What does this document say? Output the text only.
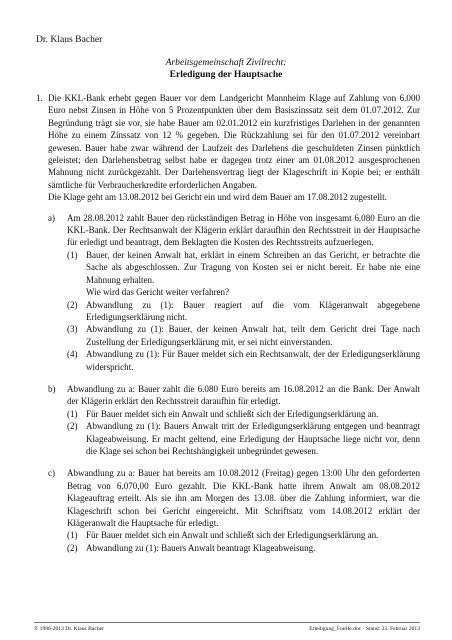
Dr. Klaus Bacher
Arbeitsgemeinschaft Zivilrecht:
Erledigung der Hauptsache
1. Die KKL-Bank erhebt gegen Bauer vor dem Landgericht Mannheim Klage auf Zahlung von 6.000 Euro nebst Zinsen in Höhe von 5 Prozentpunkten über dem Basiszinssatz seit dem 01.07.2012. Zur Begründung trägt sie vor, sie habe Bauer am 02.01.2012 ein kurzfristiges Darlehen in der genannten Höhe zu einem Zinssatz von 12 % gegeben. Die Rückzahlung sei für den 01.07.2012 vereinbart gewesen. Bauer habe zwar während der Laufzeit des Darlehens die geschuldeten Zinsen pünktlich geleistet; den Darlehensbetrag selbst habe er dagegen trotz einer am 01.08.2012 ausgesprochenen Mahnung nicht zurückgezahlt. Der Darlehensvertrag liegt der Klageschrift in Kopie bei; er enthält sämtliche für Verbraucherkredite erforderlichen Angaben.

Die Klage geht am 13.08.2012 bei Gericht ein und wird dem Bauer am 17.08.2012 zugestellt.

a)	Am 28.08.2012 zahlt Bauer den rückständigen Betrag in Höhe von insgesamt 6.080 Euro an die KKL-Bank. Der Rechtsanwalt der Klägerin erklärt daraufhin den Rechtsstreit in der Hauptsache für erledigt und beantragt, dem Beklagten die Kosten des Rechtsstreits aufzuerlegen.

(1) Bauer, der keinen Anwalt hat, erklärt in einem Schreiben an das Gericht, er betrachte die Sache als abgeschlossen. Zur Tragung von Kosten sei er nicht bereit. Er habe nie eine Mahnung erhalten.
Wie wird das Gericht weiter verfahren?
(2) Abwandlung zu (1): Bauer reagiert auf die vom Klägeranwalt abgegebene Erledigungserklärung nicht.
(3) Abwandlung zu (1): Bauer, der keinen Anwalt hat, teilt dem Gericht drei Tage nach Zustellung der Erledigungserklärung mit, er sei nicht einverstanden.
(4) Abwandlung zu (1): Für Bauer meldet sich ein Rechtsanwalt, der der Erledigungserklärung widerspricht.
b)	Abwandlung zu a: Bauer zahlt die 6.080 Euro bereits am 16.08.2012 an die Bank. Der Anwalt der Klägerin erklärt den Rechtsstreit daraufhin für erledigt.

(1) Für Bauer meldet sich ein Anwalt und schließt sich der Erledigungserklärung an.
(2) Abwandlung zu (1): Bauers Anwalt tritt der Erledigungserklärung entgegen und beantragt Klageabweisung. Er macht geltend, eine Erledigung der Hauptsache liege nicht vor, denn die Klage sei schon bei Rechtshängigkeit unbegründet gewesen.
c)	Abwandlung zu a: Bauer hat bereits am 10.08.2012 (Freitag) gegen 13:00 Uhr den geforderten Betrag von 6.070,00 Euro gezahlt. Die KKL-Bank hatte ihrem Anwalt am 08.08.2012 Klageauftrag erteilt. Als sie ihn am Morgen des 13.08. über die Zahlung informiert, war die Klageschrift schon bei Gericht eingereicht. Mit Schriftsatz vom 14.08.2012 erklärt der Klägeranwalt die Hauptsache für erledigt.

(1) Für Bauer meldet sich ein Anwalt und schließt sich der Erledigungserklärung an.
(2) Abwandlung zu (1): Bauers Anwalt beantragt Klageabweisung.
© 1996-2013 Dr. Klaus Bacher	Erledigung_FueHe.doc · Stand: 23. Februar 2013
